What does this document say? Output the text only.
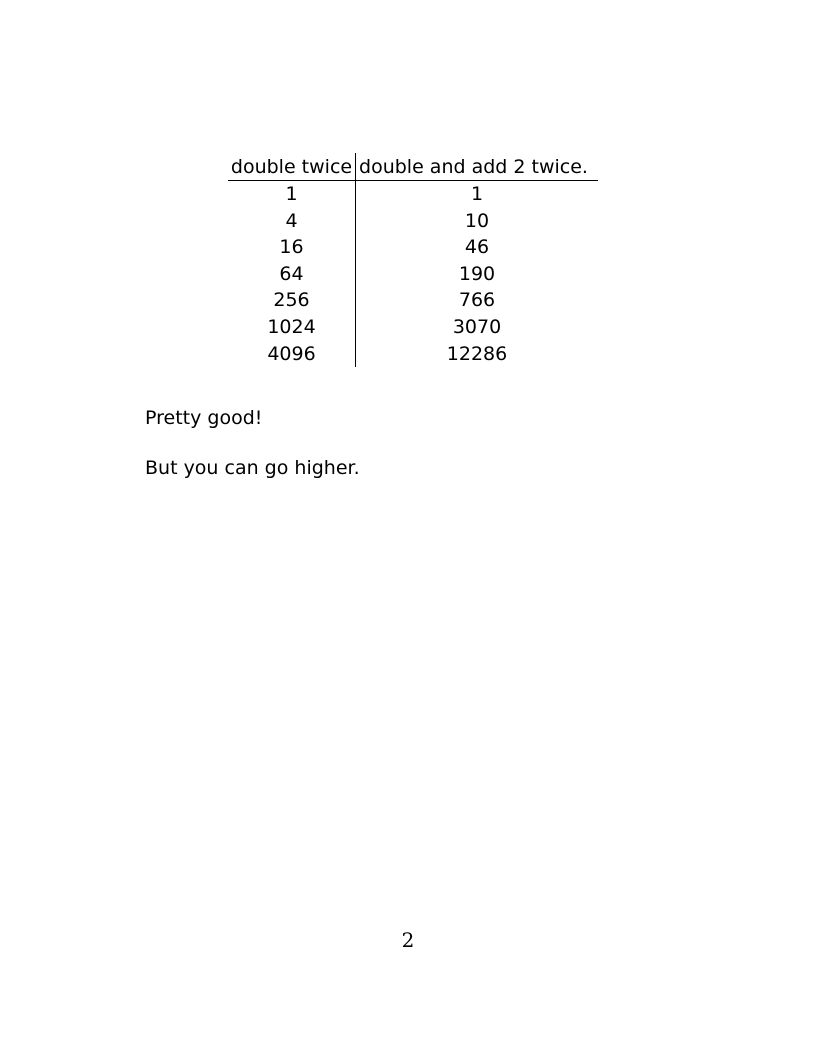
double twice	double and add 2 twice.
1	1
4	10
16	46
64	190
256	766
1024	3070
4096	12286

Pretty good!

But you can go higher.

2
